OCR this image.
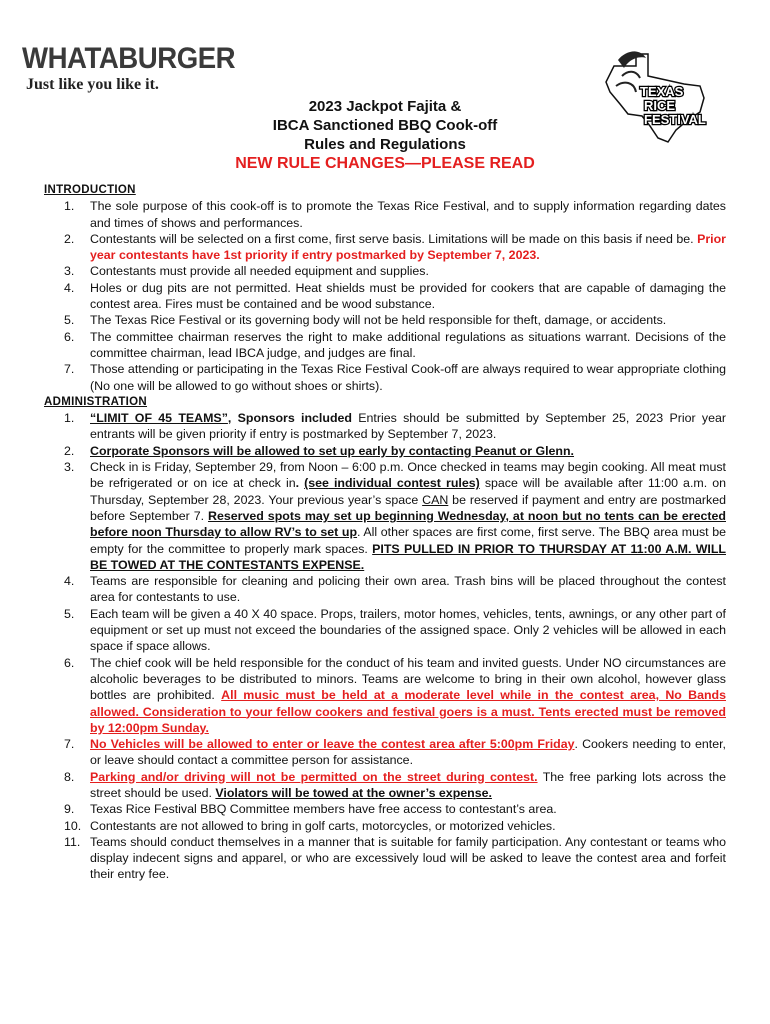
WHATABURGER
Just like you like it.	TEXAS
RICE
FESTIVAL
2023 Jackpot Fajita &
IBCA Sanctioned BBQ Cook-off
Rules and Regulations
NEW RULE CHANGES—PLEASE READ
INTRODUCTION
1.	The sole purpose of this cook-off is to promote the Texas Rice Festival, and to supply information regarding dates and times of shows and performances.
2.	Contestants will be selected on a first come, first serve basis. Limitations will be made on this basis if need be. Prior year contestants have 1st priority if entry postmarked by September 7, 2023.
3.	Contestants must provide all needed equipment and supplies.
4.	Holes or dug pits are not permitted. Heat shields must be provided for cookers that are capable of damaging the contest area. Fires must be contained and be wood substance.
5.	The Texas Rice Festival or its governing body will not be held responsible for theft, damage, or accidents.
6.	The committee chairman reserves the right to make additional regulations as situations warrant. Decisions of the committee chairman, lead IBCA judge, and judges are final.
7.	Those attending or participating in the Texas Rice Festival Cook-off are always required to wear appropriate clothing (No one will be allowed to go without shoes or shirts).
ADMINISTRATION
1.	“LIMIT OF 45 TEAMS”, Sponsors included Entries should be submitted by September 25, 2023 Prior year entrants will be given priority if entry is postmarked by September 7, 2023.
2.	Corporate Sponsors will be allowed to set up early by contacting Peanut or Glenn.
3.	Check in is Friday, September 29, from Noon – 6:00 p.m. Once checked in teams may begin cooking. All meat must be refrigerated or on ice at check in. (see individual contest rules) space will be available after 11:00 a.m. on Thursday, September 28, 2023. Your previous year’s space CAN be reserved if payment and entry are postmarked before September 7. Reserved spots may set up beginning Wednesday, at noon but no tents can be erected before noon Thursday to allow RV’s to set up. All other spaces are first come, first serve. The BBQ area must be empty for the committee to properly mark spaces. PITS PULLED IN PRIOR TO THURSDAY AT 11:00 A.M. WILL BE TOWED AT THE CONTESTANTS EXPENSE.
4.	Teams are responsible for cleaning and policing their own area. Trash bins will be placed throughout the contest area for contestants to use.
5.	Each team will be given a 40 X 40 space. Props, trailers, motor homes, vehicles, tents, awnings, or any other part of equipment or set up must not exceed the boundaries of the assigned space. Only 2 vehicles will be allowed in each space if space allows.
6.	The chief cook will be held responsible for the conduct of his team and invited guests. Under NO circumstances are alcoholic beverages to be distributed to minors. Teams are welcome to bring in their own alcohol, however glass bottles are prohibited. All music must be held at a moderate level while in the contest area, No Bands allowed. Consideration to your fellow cookers and festival goers is a must. Tents erected must be removed by 12:00pm Sunday.
7.	No Vehicles will be allowed to enter or leave the contest area after 5:00pm Friday. Cookers needing to enter, or leave should contact a committee person for assistance.
8.	Parking and/or driving will not be permitted on the street during contest. The free parking lots across the street should be used. Violators will be towed at the owner’s expense.
9.	Texas Rice Festival BBQ Committee members have free access to contestant’s area.
10. Contestants are not allowed to bring in golf carts, motorcycles, or motorized vehicles.
11. Teams should conduct themselves in a manner that is suitable for family participation. Any contestant or teams who display indecent signs and apparel, or who are excessively loud will be asked to leave the contest area and forfeit their entry fee.
